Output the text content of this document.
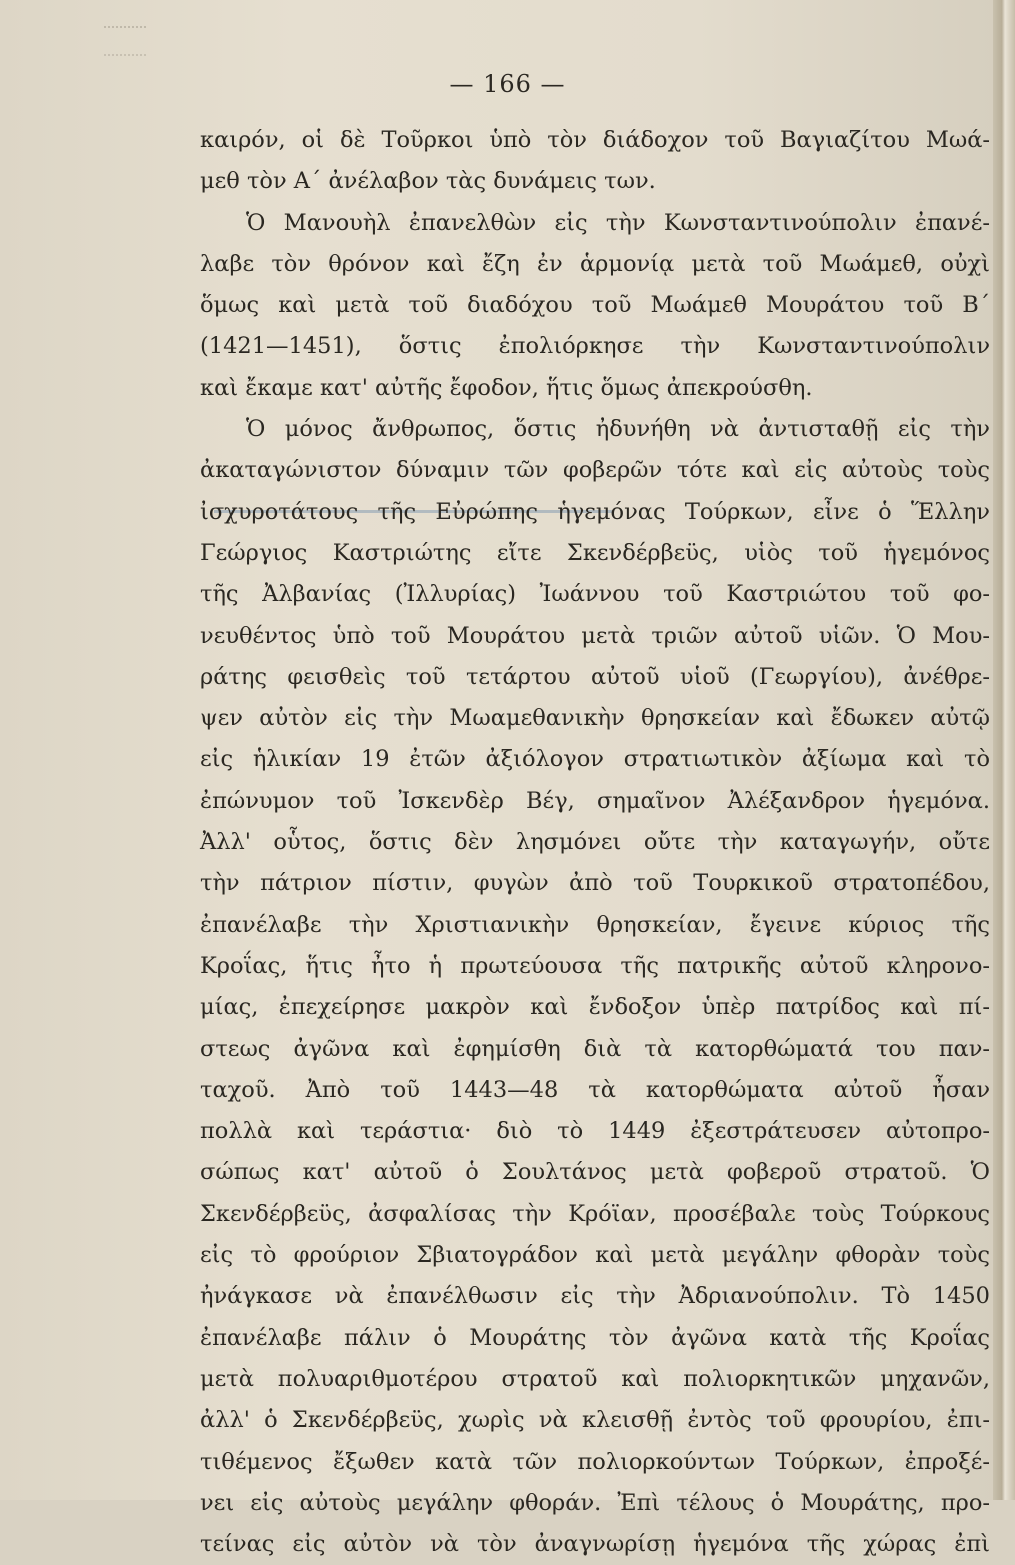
— 166 —
καιρόν, οἱ δὲ Τοῦρκοι ὑπὸ τὸν διάδοχον τοῦ Βαγιαζίτου Μωά-
μεθ τὸν Α΄ ἀνέλαβον τὰς δυνάμεις των.
Ὁ Μανουὴλ ἐπανελθὼν εἰς τὴν Κωνσταντινούπολιν ἐπανέ-
λαβε τὸν θρόνον καὶ ἔζη ἐν ἁρμονίᾳ μετὰ τοῦ Μωάμεθ, οὐχὶ
ὅμως καὶ μετὰ τοῦ διαδόχου τοῦ Μωάμεθ Μουράτου τοῦ Β΄
(1421—1451), ὅστις ἐπολιόρκησε τὴν Κωνσταντινούπολιν
καὶ ἔκαμε κατ' αὐτῆς ἔφοδον, ἥτις ὅμως ἀπεκρούσθη.
Ὁ μόνος ἄνθρωπος, ὅστις ἠδυνήθη νὰ ἀντισταθῇ εἰς τὴν
ἀκαταγώνιστον δύναμιν τῶν φοβερῶν τότε καὶ εἰς αὐτοὺς τοὺς
ἰσχυροτάτους τῆς Εὐρώπης ἡγεμόνας Τούρκων, εἶνε ὁ Ἕλλην
Γεώργιος Καστριώτης εἴτε Σκενδέρβεϋς, υἱὸς τοῦ ἡγεμόνος
τῆς Ἀλβανίας (Ἰλλυρίας) Ἰωάννου τοῦ Καστριώτου τοῦ φο-
νευθέντος ὑπὸ τοῦ Μουράτου μετὰ τριῶν αὐτοῦ υἱῶν. Ὁ Μου-
ράτης φεισθεὶς τοῦ τετάρτου αὐτοῦ υἱοῦ (Γεωργίου), ἀνέθρε-
ψεν αὐτὸν εἰς τὴν Μωαμεθανικὴν θρησκείαν καὶ ἔδωκεν αὐτῷ
εἰς ἡλικίαν 19 ἐτῶν ἀξιόλογον στρατιωτικὸν ἀξίωμα καὶ τὸ
ἐπώνυμον τοῦ Ἰσκενδὲρ Βέγ, σημαῖνον Ἀλέξανδρον ἡγεμόνα.
Ἀλλ' οὗτος, ὅστις δὲν λησμόνει οὔτε τὴν καταγωγήν, οὔτε
τὴν πάτριον πίστιν, φυγὼν ἀπὸ τοῦ Τουρκικοῦ στρατοπέδου,
ἐπανέλαβε τὴν Χριστιανικὴν θρησκείαν, ἔγεινε κύριος τῆς
Κροΐας, ἥτις ἦτο ἡ πρωτεύουσα τῆς πατρικῆς αὐτοῦ κληρονο-
μίας, ἐπεχείρησε μακρὸν καὶ ἔνδοξον ὑπὲρ πατρίδος καὶ πί-
στεως ἀγῶνα καὶ ἐφημίσθη διὰ τὰ κατορθώματά του παν-
ταχοῦ. Ἀπὸ τοῦ 1443—48 τὰ κατορθώματα αὐτοῦ ἦσαν
πολλὰ καὶ τεράστια· διὸ τὸ 1449 ἐξεστράτευσεν αὐτοπρο-
σώπως κατ' αὐτοῦ ὁ Σουλτάνος μετὰ φοβεροῦ στρατοῦ. Ὁ
Σκενδέρβεϋς, ἀσφαλίσας τὴν Κρόϊαν, προσέβαλε τοὺς Τούρκους
εἰς τὸ φρούριον Σβιατογράδον καὶ μετὰ μεγάλην φθορὰν τοὺς
ἠνάγκασε νὰ ἐπανέλθωσιν εἰς τὴν Ἀδριανούπολιν. Τὸ 1450
ἐπανέλαβε πάλιν ὁ Μουράτης τὸν ἀγῶνα κατὰ τῆς Κροΐας
μετὰ πολυαριθμοτέρου στρατοῦ καὶ πολιορκητικῶν μηχανῶν,
ἀλλ' ὁ Σκενδέρβεϋς, χωρὶς νὰ κλεισθῇ ἐντὸς τοῦ φρουρίου, ἐπι-
τιθέμενος ἔξωθεν κατὰ τῶν πολιορκούντων Τούρκων, ἐπροξέ-
νει εἰς αὐτοὺς μεγάλην φθοράν. Ἐπὶ τέλους ὁ Μουράτης, προ-
τείνας εἰς αὐτὸν νὰ τὸν ἀναγνωρίσῃ ἡγεμόνα τῆς χώρας ἐπὶ
